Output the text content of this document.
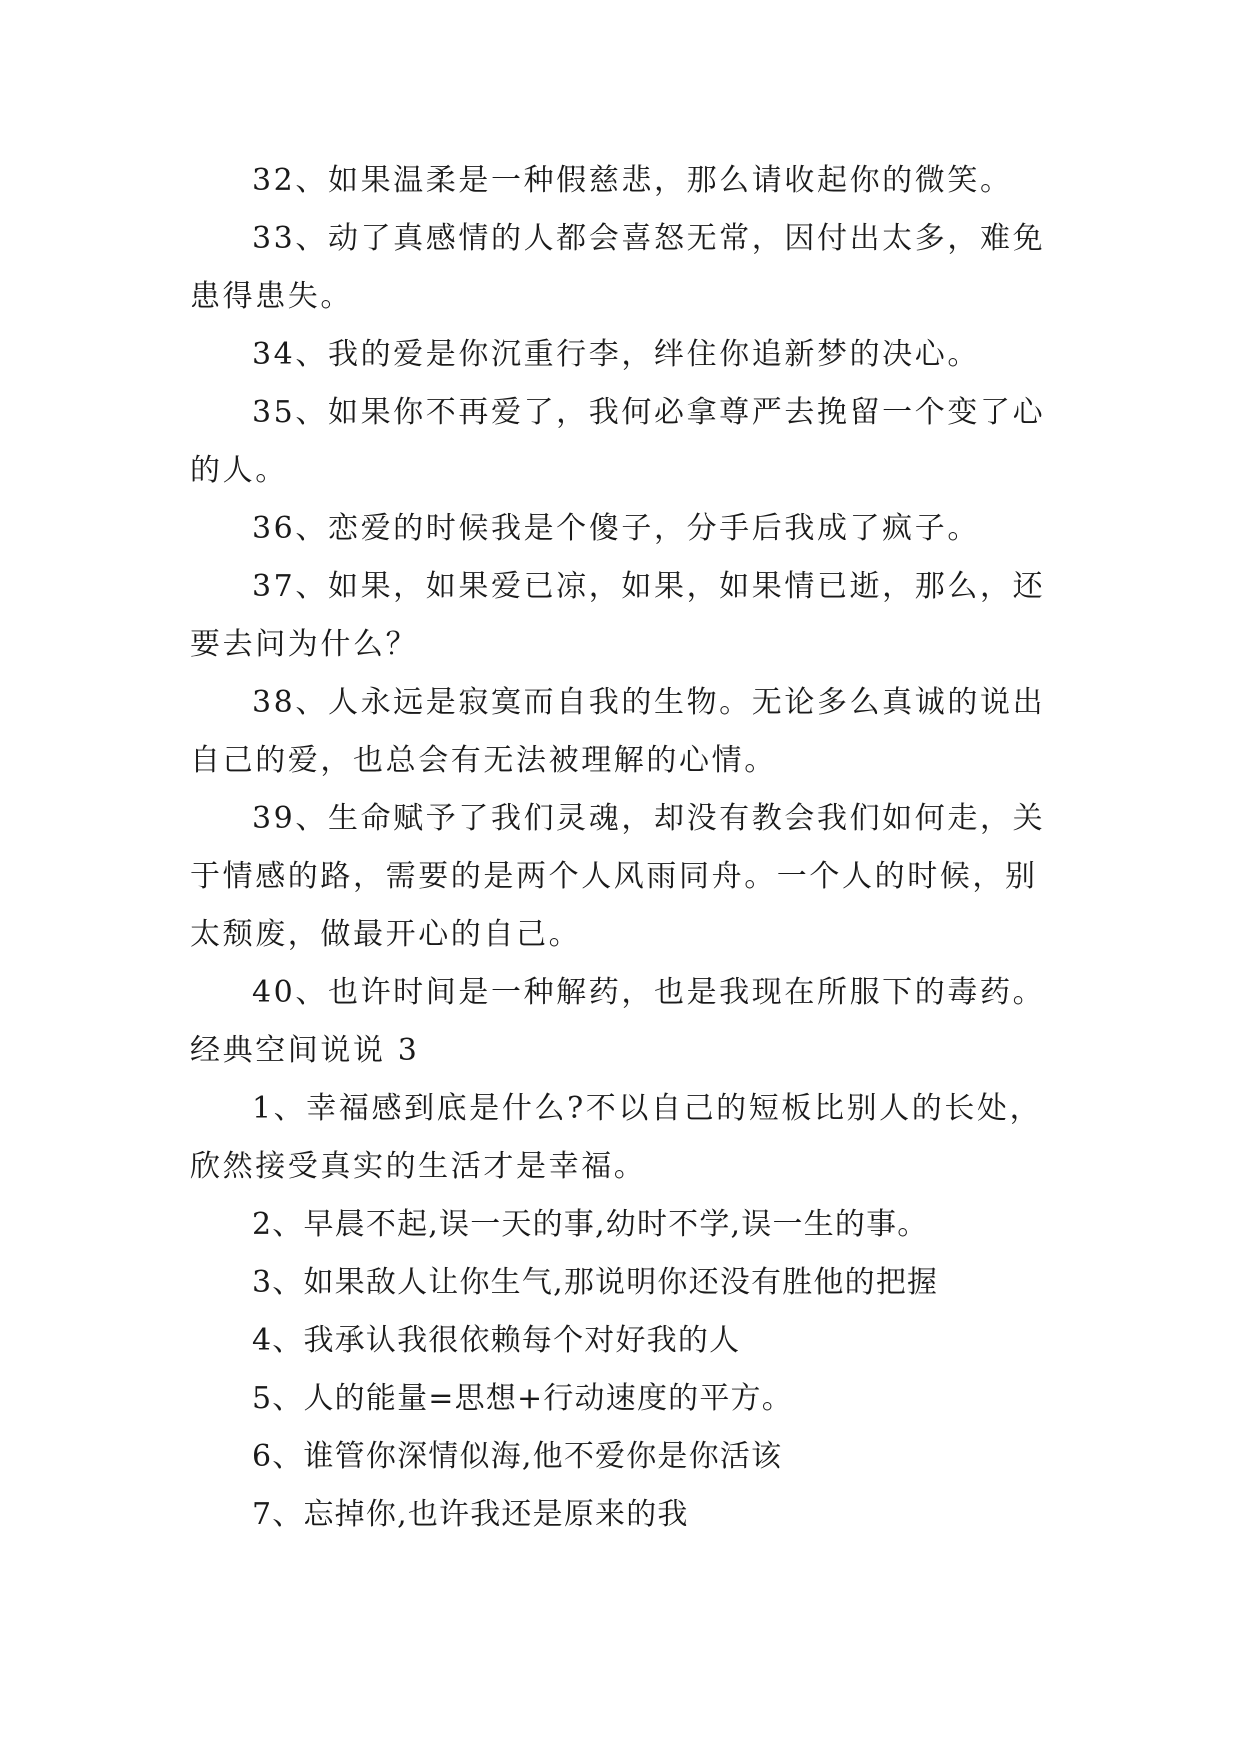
32、如果温柔是一种假慈悲，那么请收起你的微笑。

33、动了真感情的人都会喜怒无常，因付出太多，难免患得患失。

34、我的爱是你沉重行李，绊住你追新梦的决心。

35、如果你不再爱了，我何必拿尊严去挽留一个变了心的人。

36、恋爱的时候我是个傻子，分手后我成了疯子。

37、如果，如果爱已凉，如果，如果情已逝，那么，还要去问为什么？

38、人永远是寂寞而自我的生物。无论多么真诚的说出自己的爱，也总会有无法被理解的心情。

39、生命赋予了我们灵魂，却没有教会我们如何走，关于情感的路，需要的是两个人风雨同舟。一个人的时候，别太颓废，做最开心的自己。

40、也许时间是一种解药，也是我现在所服下的毒药。

经典空间说说 3

1、幸福感到底是什么?不以自己的短板比别人的长处，欣然接受真实的生活才是幸福。

2、早晨不起,误一天的事,幼时不学,误一生的事。

3、如果敌人让你生气,那说明你还没有胜他的把握

4、我承认我很依赖每个对好我的人

5、人的能量=思想+行动速度的平方。

6、谁管你深情似海,他不爱你是你活该

7、忘掉你,也许我还是原来的我
